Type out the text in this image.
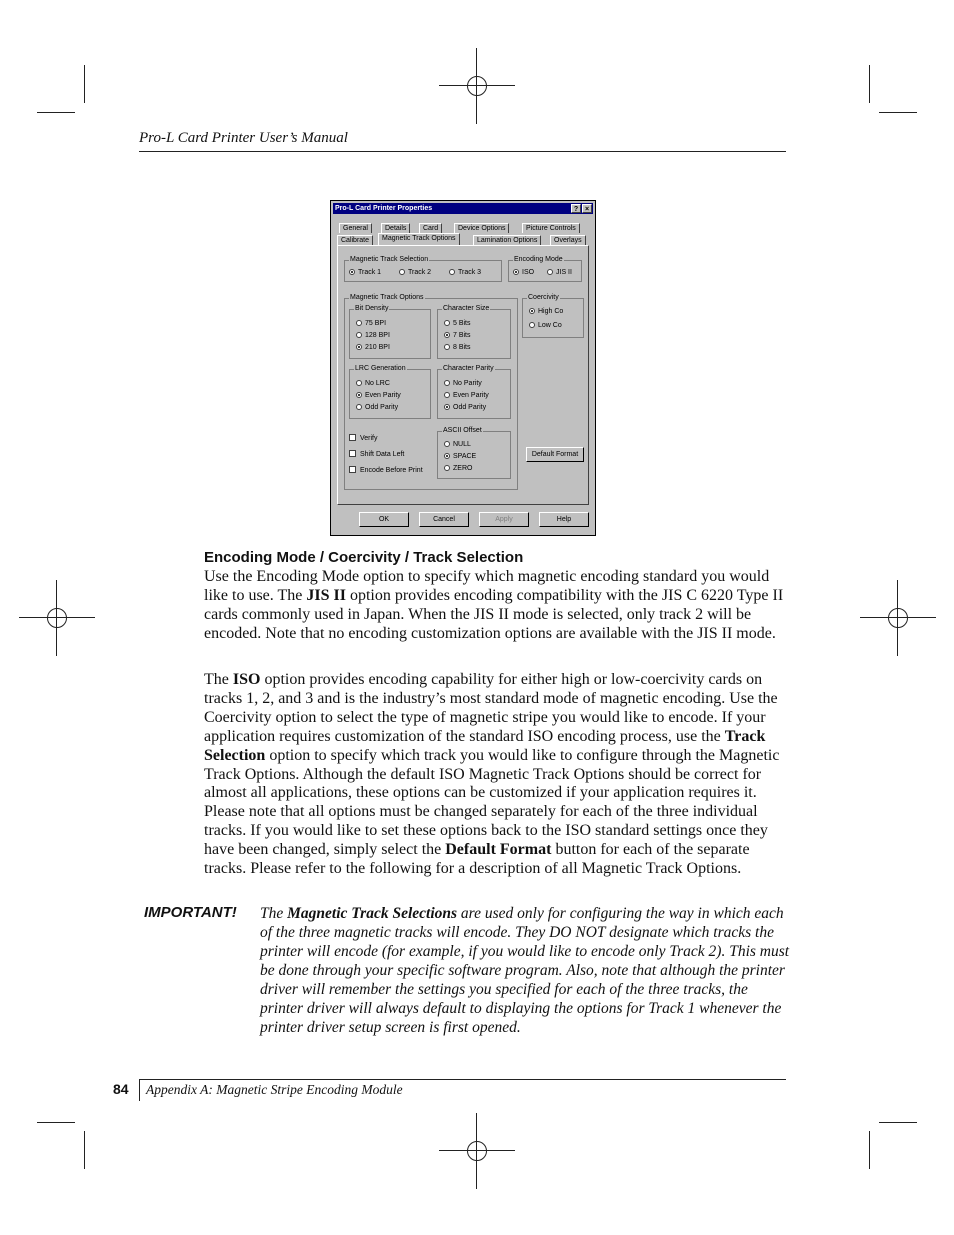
Pro-L Card Printer User’s Manual
Pro-L Card Printer Properties	? ×
General	Details	Card	Device Options	Picture Controls
Calibrate	Magnetic Track Options	Lamination Options	Overlays
Magnetic Track Selection
Track 1	Track 2	Track 3
Encoding Mode
ISO	JIS II
Magnetic Track Options
Bit Density
75 BPI
128 BPI
210 BPI
Character Size
5 Bits
7 Bits
8 Bits
LRC Generation
No LRC
Even Parity
Odd Parity
Character Parity
No Parity
Even Parity
Odd Parity
Verify
Shift Data Left
Encode Before Print
ASCII Offset
NULL
SPACE
ZERO
Coercivity
High Co
Low Co
Default Format
OK	Cancel	Apply	Help
Encoding Mode / Coercivity / Track Selection

Use the Encoding Mode option to specify which magnetic encoding standard you would like to use. The JIS II option provides encoding compatibility with the JIS C 6220 Type II cards commonly used in Japan. When the JIS II mode is selected, only track 2 will be encoded. Note that no encoding customization options are available with the JIS II mode.

The ISO option provides encoding capability for either high or low-coercivity cards on tracks 1, 2, and 3 and is the industry’s most standard mode of magnetic encoding. Use the Coercivity option to select the type of magnetic stripe you would like to encode. If your application requires customization of the standard ISO encoding process, use the Track Selection option to specify which track you would like to configure through the Magnetic Track Options. Although the default ISO Magnetic Track Options should be correct for almost all applications, these options can be customized if your application requires it. Please note that all options must be changed separately for each of the three individual tracks. If you would like to set these options back to the ISO standard settings once they have been changed, simply select the Default Format button for each of the separate tracks. Please refer to the following for a description of all Magnetic Track Options.

IMPORTANT! The Magnetic Track Selections are used only for configuring the way in which each of the three magnetic tracks will encode. They DO NOT designate which tracks the printer will encode (for example, if you would like to encode only Track 2). This must be done through your specific software program. Also, note that although the printer driver will remember the settings you specified for each of the three tracks, the printer driver will always default to displaying the options for Track 1 whenever the printer driver setup screen is first opened.

84 Appendix A: Magnetic Stripe Encoding Module
